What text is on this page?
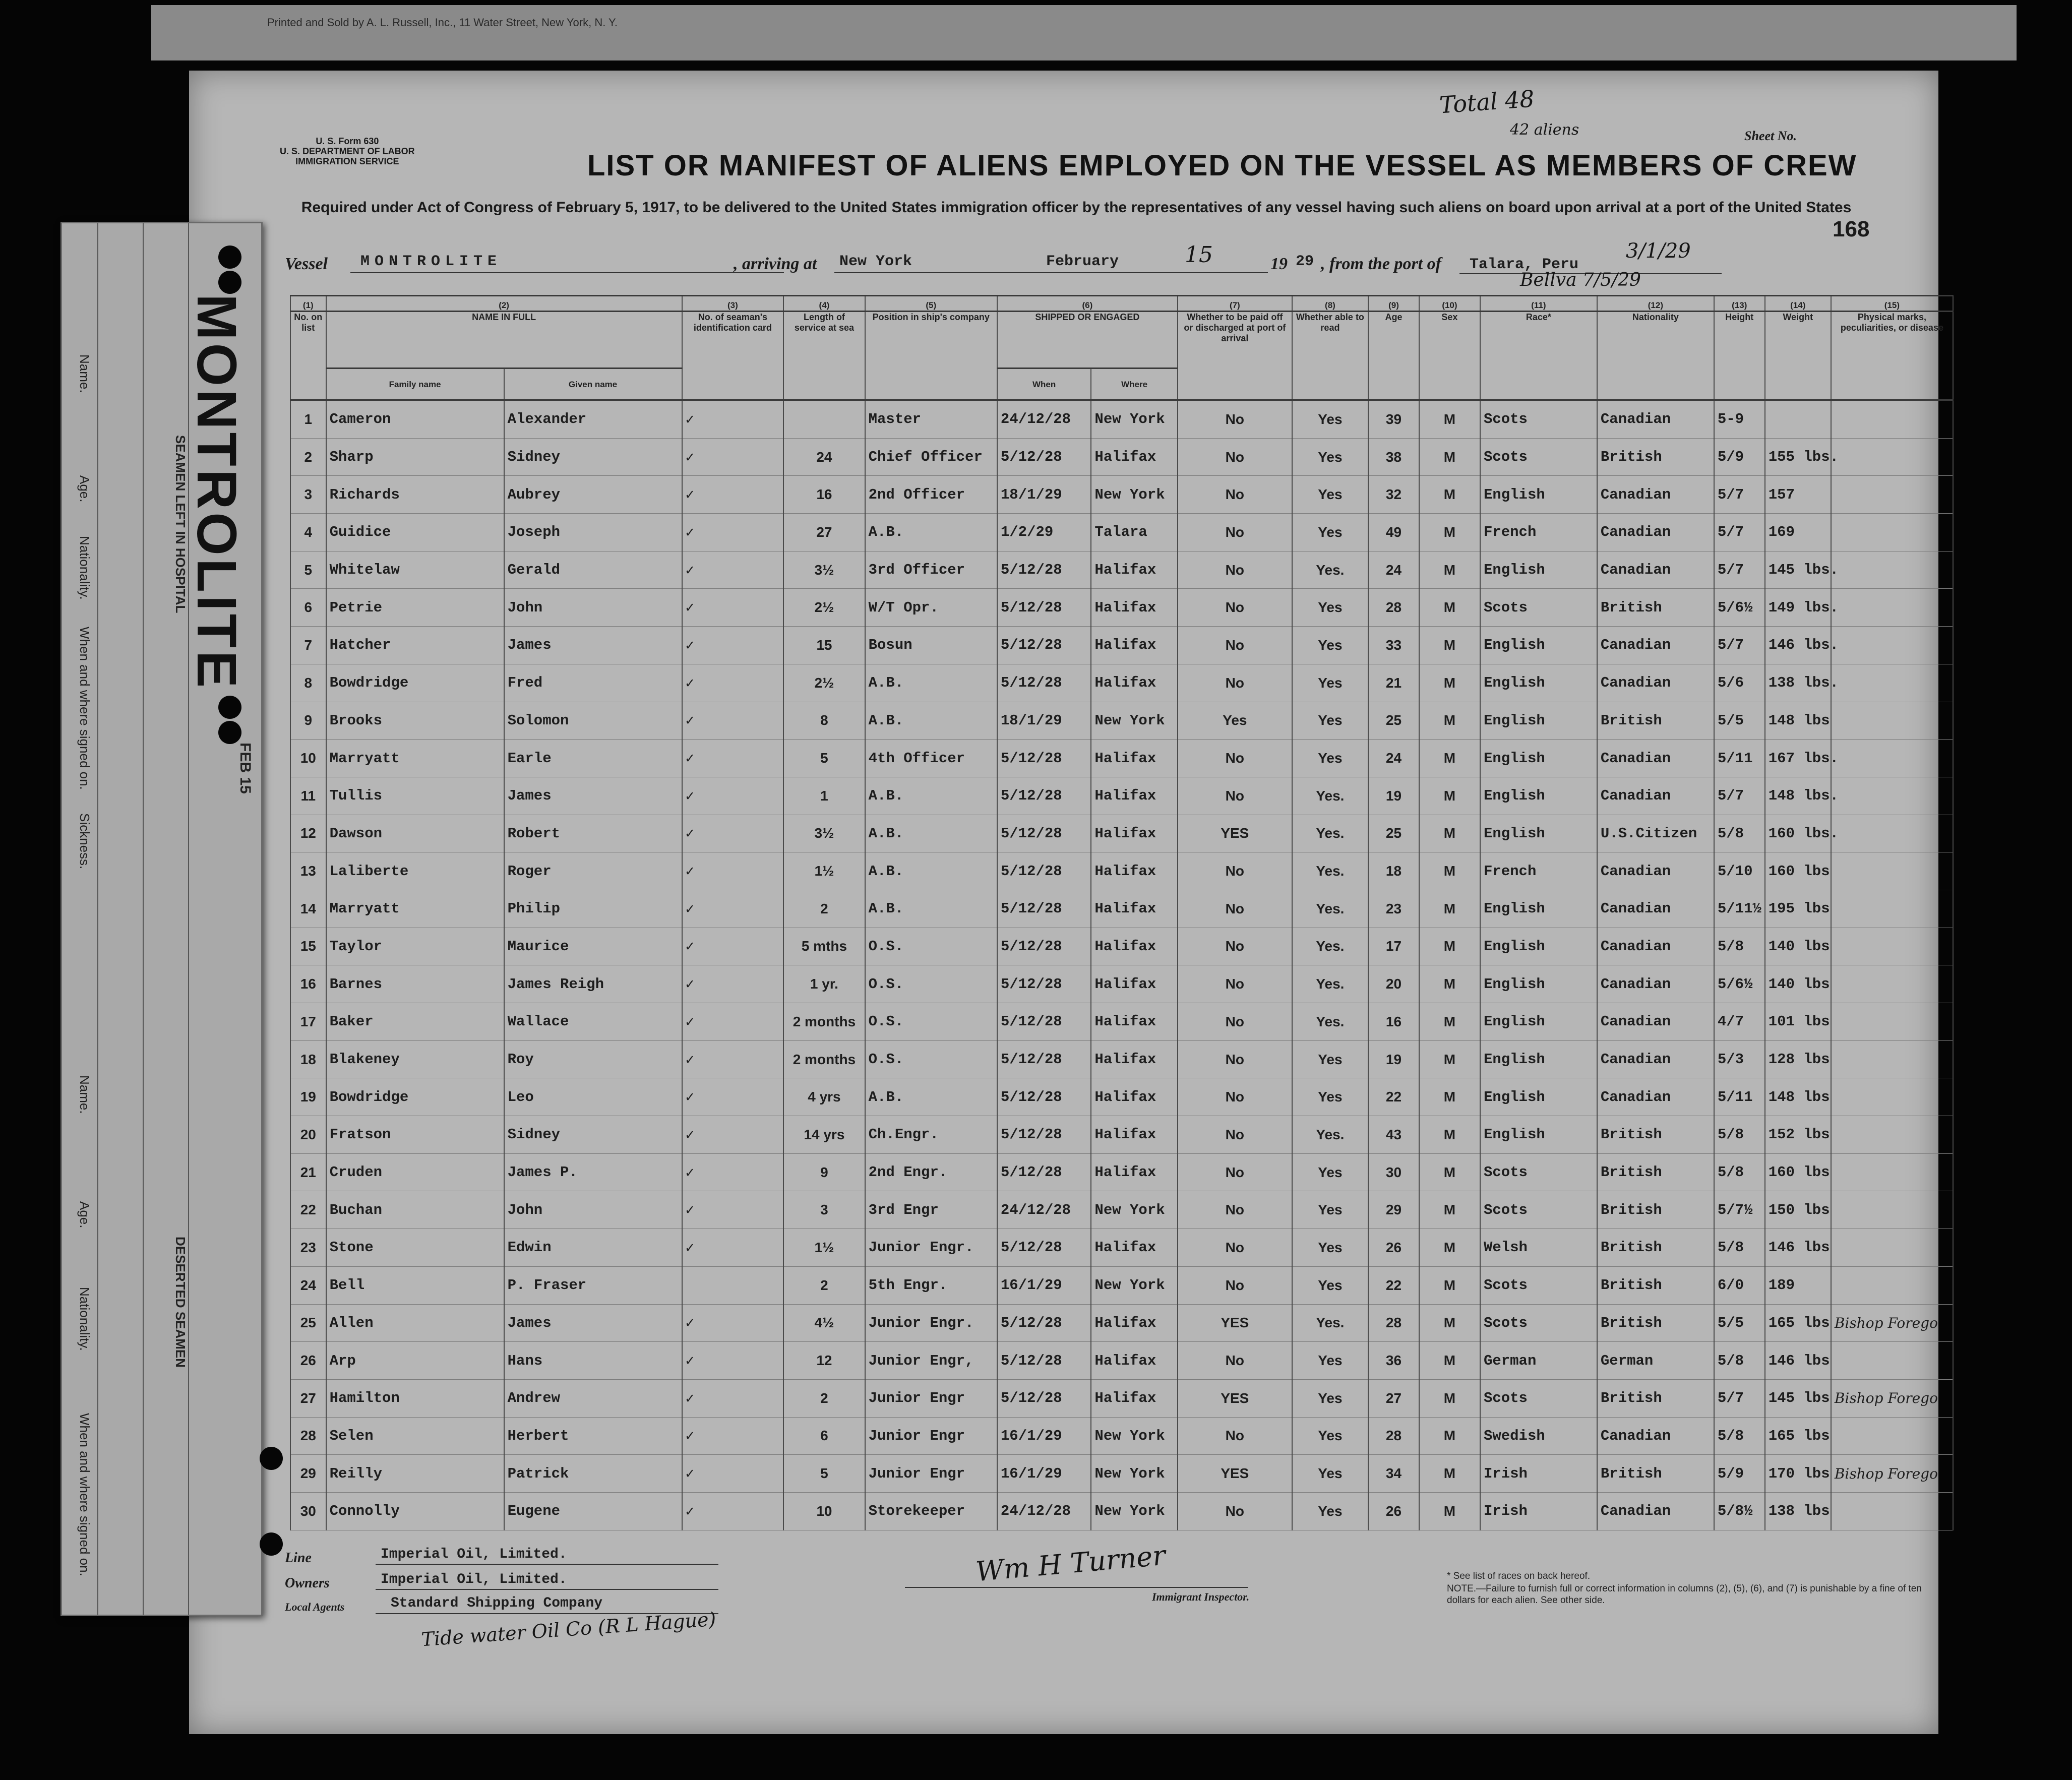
Printed and Sold by A. L. Russell, Inc., 11 Water Street, New York, N. Y.
U. S. Form 630
U. S. DEPARTMENT OF LABOR
IMMIGRATION SERVICE
Total 48
42 aliens	Sheet No.
LIST OR MANIFEST OF ALIENS EMPLOYED ON THE VESSEL AS MEMBERS OF CREW
Required under Act of Congress of February 5, 1917, to be delivered to the United States immigration officer by the representatives of any vessel having such aliens on board upon arrival at a port of the United States
168
Vessel MONTROLITE	, arriving at New York	February	15	19 29 , from the port of Talara, Peru
3/1/29
Bellva 7/5/29
(1)	(2)		(3)	(4)	(5)	(6)		(7)	(8)	(9)	(10)	(11)	(12)	(13)	(14)	(15)
No. on list	NAME IN FULL		No. of seaman's identification card	Length of service at sea	Position in ship's company	SHIPPED OR ENGAGED		Whether to be paid off or discharged at port of arrival	Whether able to read	Age	Sex	Race*	Nationality	Height	Weight	Physical marks, peculiarities, or disease
	Family name	Given name				When	Where									
1	Cameron	Alexander	✓		Master	24/12/28	New York	No	Yes	39	M	Scots	Canadian	5-9		
2	Sharp	Sidney	✓	24	Chief Officer	5/12/28	Halifax	No	Yes	38	M	Scots	British	5/9	155 lbs.	
3	Richards	Aubrey	✓	16	2nd Officer	18/1/29	New York	No	Yes	32	M	English	Canadian	5/7	157	
4	Guidice	Joseph	✓	27	A.B.	1/2/29	Talara	No	Yes	49	M	French	Canadian	5/7	169	
5	Whitelaw	Gerald	✓	3½	3rd Officer	5/12/28	Halifax	No	Yes.	24	M	English	Canadian	5/7	145 lbs.	
6	Petrie	John	✓	2½	W/T Opr.	5/12/28	Halifax	No	Yes	28	M	Scots	British	5/6½	149 lbs.	
7	Hatcher	James	✓	15	Bosun	5/12/28	Halifax	No	Yes	33	M	English	Canadian	5/7	146 lbs.	
8	Bowdridge	Fred	✓	2½	A.B.	5/12/28	Halifax	No	Yes	21	M	English	Canadian	5/6	138 lbs.	
9	Brooks	Solomon	✓	8	A.B.	18/1/29	New York	Yes	Yes	25	M	English	British	5/5	148 lbs	
10	Marryatt	Earle	✓	5	4th Officer	5/12/28	Halifax	No	Yes	24	M	English	Canadian	5/11	167 lbs.	
11	Tullis	James	✓	1	A.B.	5/12/28	Halifax	No	Yes.	19	M	English	Canadian	5/7	148 lbs.	
12	Dawson	Robert	✓	3½	A.B.	5/12/28	Halifax	YES	Yes.	25	M	English	U.S.Citizen	5/8	160 lbs.	
13	Laliberte	Roger	✓	1½	A.B.	5/12/28	Halifax	No	Yes.	18	M	French	Canadian	5/10	160 lbs	
14	Marryatt	Philip	✓	2	A.B.	5/12/28	Halifax	No	Yes.	23	M	English	Canadian	5/11½	195 lbs	
15	Taylor	Maurice	✓	5 mths	O.S.	5/12/28	Halifax	No	Yes.	17	M	English	Canadian	5/8	140 lbs	
16	Barnes	James Reigh	✓	1 yr.	O.S.	5/12/28	Halifax	No	Yes.	20	M	English	Canadian	5/6½	140 lbs	
17	Baker	Wallace	✓	2 months	O.S.	5/12/28	Halifax	No	Yes.	16	M	English	Canadian	4/7	101 lbs	
18	Blakeney	Roy	✓	2 months	O.S.	5/12/28	Halifax	No	Yes	19	M	English	Canadian	5/3	128 lbs	
19	Bowdridge	Leo	✓	4 yrs	A.B.	5/12/28	Halifax	No	Yes	22	M	English	Canadian	5/11	148 lbs	
20	Fratson	Sidney	✓	14 yrs	Ch.Engr.	5/12/28	Halifax	No	Yes.	43	M	English	British	5/8	152 lbs	
21	Cruden	James P.	✓	9	2nd Engr.	5/12/28	Halifax	No	Yes	30	M	Scots	British	5/8	160 lbs	
22	Buchan	John	✓	3	3rd Engr	24/12/28	New York	No	Yes	29	M	Scots	British	5/7½	150 lbs	
23	Stone	Edwin	✓	1½	Junior Engr.	5/12/28	Halifax	No	Yes	26	M	Welsh	British	5/8	146 lbs	
24	Bell	P. Fraser		2	5th Engr.	16/1/29	New York	No	Yes	22	M	Scots	British	6/0	189	
25	Allen	James	✓	4½	Junior Engr.	5/12/28	Halifax	YES	Yes.	28	M	Scots	British	5/5	165 lbs	Bishop Forego
26	Arp	Hans	✓	12	Junior Engr,	5/12/28	Halifax	No	Yes	36	M	German	German	5/8	146 lbs	
27	Hamilton	Andrew	✓	2	Junior Engr	5/12/28	Halifax	YES	Yes	27	M	Scots	British	5/7	145 lbs	Bishop Forego
28	Selen	Herbert	✓	6	Junior Engr	16/1/29	New York	No	Yes	28	M	Swedish	Canadian	5/8	165 lbs	
29	Reilly	Patrick	✓	5	Junior Engr	16/1/29	New York	YES	Yes	34	M	Irish	British	5/9	170 lbs	Bishop Forego
30	Connolly	Eugene	✓	10	Storekeeper	24/12/28	New York	No	Yes	26	M	Irish	Canadian	5/8½	138 lbs	
Line	Imperial Oil, Limited.
Owners	Imperial Oil, Limited.
Local Agents	Standard Shipping Company
Tide water Oil Co (R L Hague)
Wm H Turner
Immigrant Inspector.
* See list of races on back hereof.
NOTE.—Failure to furnish full or correct information in columns (2), (5), (6), and (7) is punishable by a fine of ten dollars for each alien. See other side.
MONTROLITE
FEB 15
SEAMEN LEFT IN HOSPITAL
Name.
Age.
Nationality.
When and where signed on.
Sickness.
DESERTED SEAMEN
Name.
Age.
Nationality.
When and where signed on.
